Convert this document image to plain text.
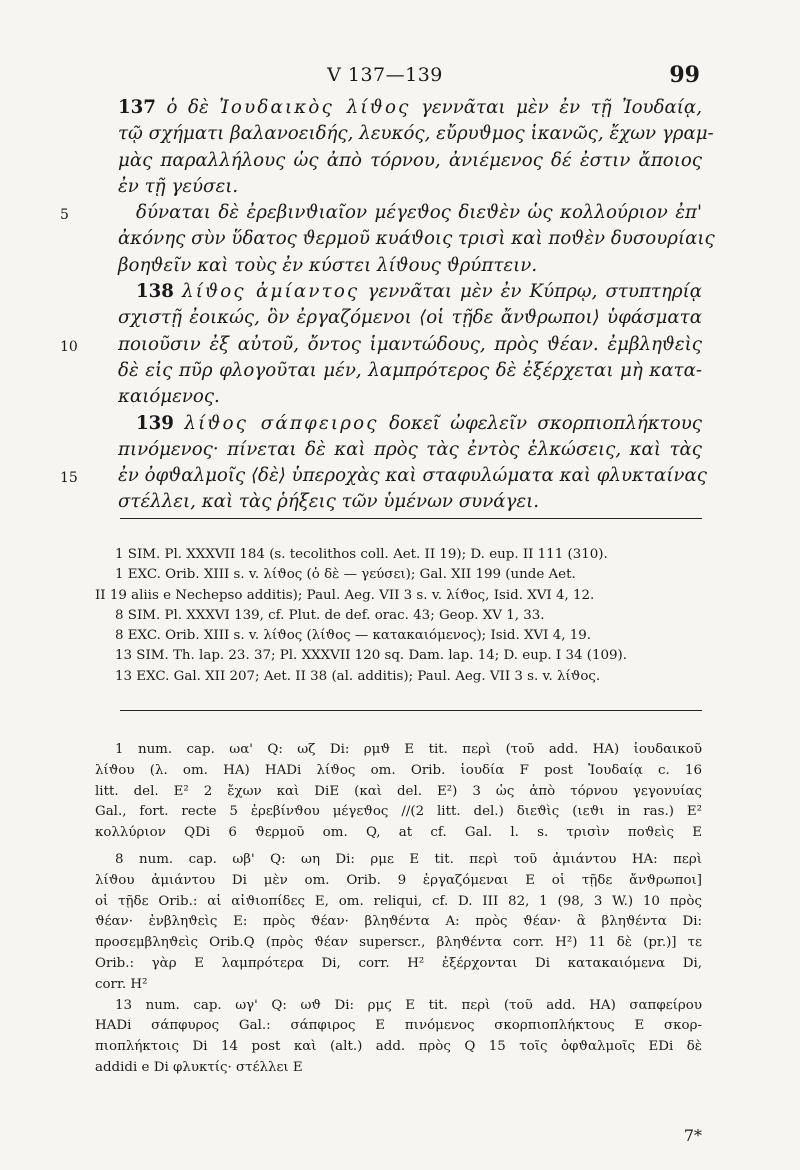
V 137—139	99
137 ὁ δὲ Ἰουδαικὸς λίϑος γεννᾶται μὲν ἐν τῇ Ἰουδαίᾳ,
τῷ σχήματι βαλανοειδής, λευκός, εὔρυϑμος ἱκανῶς, ἔχων γραμ-
μὰς παραλλήλους ὡς ἀπὸ τόρνου, ἀνιέμενος δέ ἐστιν ἄποιος
ἐν τῇ γεύσει.
5	δύναται δὲ ἐρεβινϑιαῖον μέγεϑος διεϑὲν ὡς κολλούριον ἐπ'
ἀκόνης σὺν ὕδατος ϑερμοῦ κυάϑοις τρισὶ καὶ ποϑὲν δυσουρίαις
βοηϑεῖν καὶ τοὺς ἐν κύστει λίϑους ϑρύπτειν.
138 λίϑος ἀμίαντος γεννᾶται μὲν ἐν Κύπρῳ, στυπτηρίᾳ
σχιστῇ ἐοικώς, ὃν ἐργαζόμενοι ⟨οἱ τῇδε ἄνϑρωποι⟩ ὑφάσματα
10 ποιοῦσιν ἐξ αὐτοῦ, ὄντος ἱμαντώδους, πρὸς ϑέαν. ἐμβληϑεὶς
δὲ εἰς πῦρ φλογοῦται μέν, λαμπρότερος δὲ ἐξέρχεται μὴ κατα-
καιόμενος.
139 λίϑος σάπφειρος δοκεῖ ὠφελεῖν σκορπιοπλήκτους
πινόμενος· πίνεται δὲ καὶ πρὸς τὰς ἐντὸς ἑλκώσεις, καὶ τὰς
15 ἐν ὀφϑαλμοῖς ⟨δὲ⟩ ὑπεροχὰς καὶ σταφυλώματα καὶ φλυκταίνας
στέλλει, καὶ τὰς ῥήξεις τῶν ὑμένων συνάγει.
1 SIM. Pl. XXXVII 184 (s. tecolithos coll. Aet. II 19); D. eup. II 111 (310).
1 EXC. Orib. XIII s. v. λίϑος (ὁ δὲ — γεύσει); Gal. XII 199 (unde Aet.
II 19 aliis e Nechepso additis); Paul. Aeg. VII 3 s. v. λίϑος, Isid. XVI 4, 12.
8 SIM. Pl. XXXVI 139, cf. Plut. de def. orac. 43; Geop. XV 1, 33.
8 EXC. Orib. XIII s. v. λίϑος (λίϑος — κατακαιόμενος); Isid. XVI 4, 19.
13 SIM. Th. lap. 23. 37; Pl. XXXVII 120 sq. Dam. lap. 14; D. eup. I 34 (109).
13 EXC. Gal. XII 207; Aet. II 38 (al. additis); Paul. Aeg. VII 3 s. v. λίϑος.
1 num. cap. ωα' Q: ωζ Di: ρμϑ E tit. περὶ (τοῦ add. HA) ἰουδαικοῦ
λίϑου (λ. om. HA) HADi λίϑος om. Orib. ἰουδία F post Ἰουδαίᾳ c. 16
litt. del. E² 2 ἔχων καὶ DiE (καὶ del. E²) 3 ὡς ἀπὸ τόρνου γεγονυίας
Gal., fort. recte 5 ἐρεβίνϑου μέγεϑος //(2 litt. del.) διεϑὶς (ιεϑι in ras.) E²
κολλύριον QDi 6 ϑερμοῦ om. Q, at cf. Gal. l. s. τρισὶν ποϑεὶς E
8 num. cap. ωβ' Q: ωη Di: ρμε E tit. περὶ τοῦ ἀμιάντου HA: περὶ
λίϑου ἀμιάντου Di μὲν om. Orib. 9 ἐργαζόμεναι E οἱ τῇδε ἄνϑρωποι]
οἱ τῇδε Orib.: αἱ αἰϑιοπίδες E, om. reliqui, cf. D. III 82, 1 (98, 3 W.) 10 πρὸς
ϑέαν· ἐνβληϑεὶς E: πρὸς ϑέαν· βληϑέντα A: πρὸς ϑέαν· ἃ βληϑέντα Di:
προσεμβληϑεὶς Orib.Q (πρὸς ϑέαν superscr., βληϑέντα corr. H²) 11 δὲ (pr.)] τε
Orib.: γὰρ E λαμπρότερα Di, corr. H² ἐξέρχονται Di κατακαιόμενα Di,
corr. H²
13 num. cap. ωγ' Q: ωϑ Di: ρμϛ E tit. περὶ (τοῦ add. HA) σαπφείρου
HADi σάπφυρος Gal.: σάπφιρος E πινόμενος σκορπιοπλήκτους E σκορ-
πιοπλήκτοις Di 14 post καὶ (alt.) add. πρὸς Q 15 τοῖς ὀφϑαλμοῖς EDi δὲ
addidi e Di φλυκτίς· στέλλει E
7*
